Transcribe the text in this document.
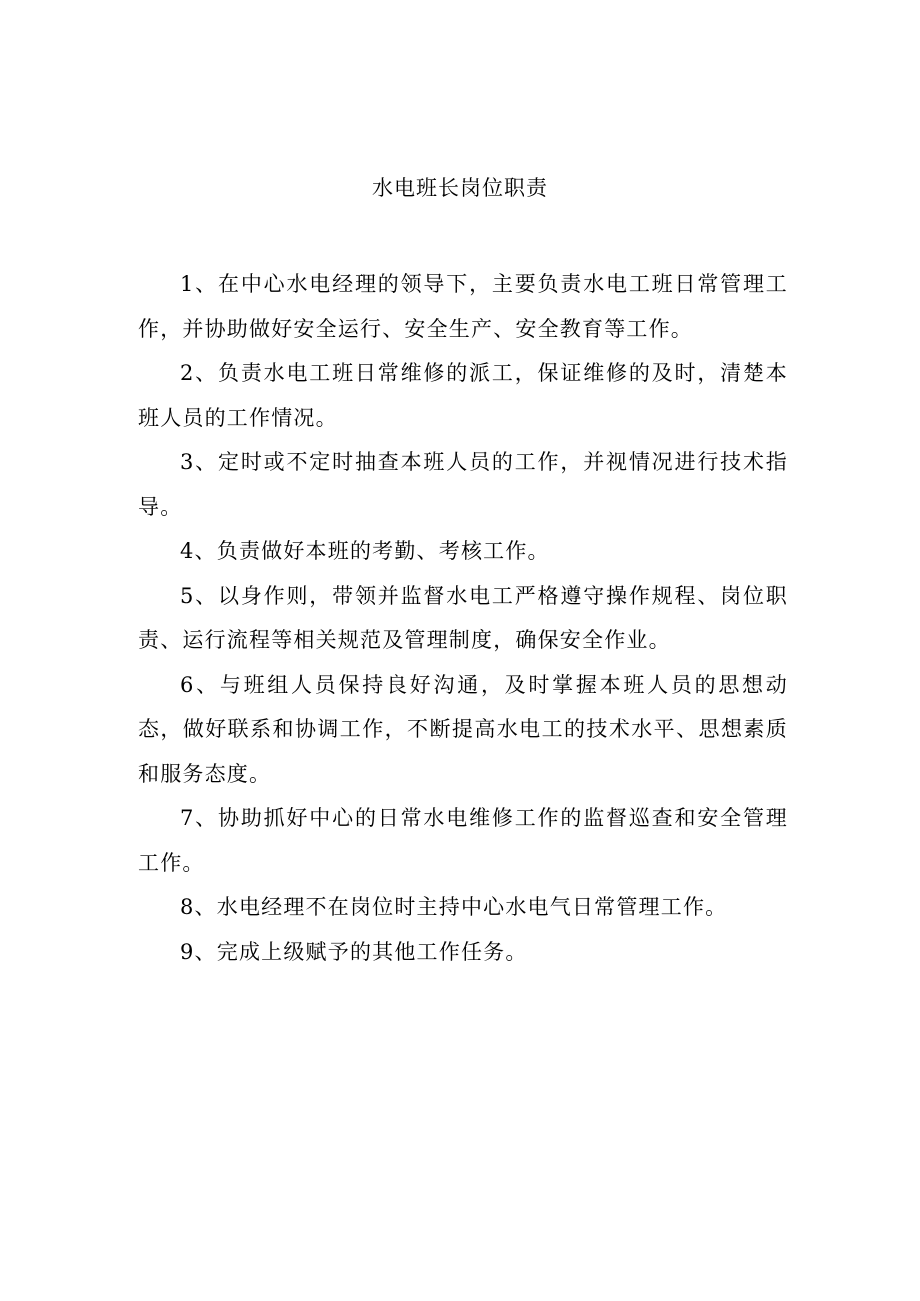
水电班长岗位职责

1、在中心水电经理的领导下，主要负责水电工班日常管理工作，并协助做好安全运行、安全生产、安全教育等工作。

2、负责水电工班日常维修的派工，保证维修的及时，清楚本班人员的工作情况。

3、定时或不定时抽查本班人员的工作，并视情况进行技术指导。

4、负责做好本班的考勤、考核工作。

5、以身作则，带领并监督水电工严格遵守操作规程、岗位职责、运行流程等相关规范及管理制度，确保安全作业。

6、与班组人员保持良好沟通，及时掌握本班人员的思想动态，做好联系和协调工作，不断提高水电工的技术水平、思想素质和服务态度。

7、协助抓好中心的日常水电维修工作的监督巡查和安全管理工作。

8、水电经理不在岗位时主持中心水电气日常管理工作。

9、完成上级赋予的其他工作任务。
